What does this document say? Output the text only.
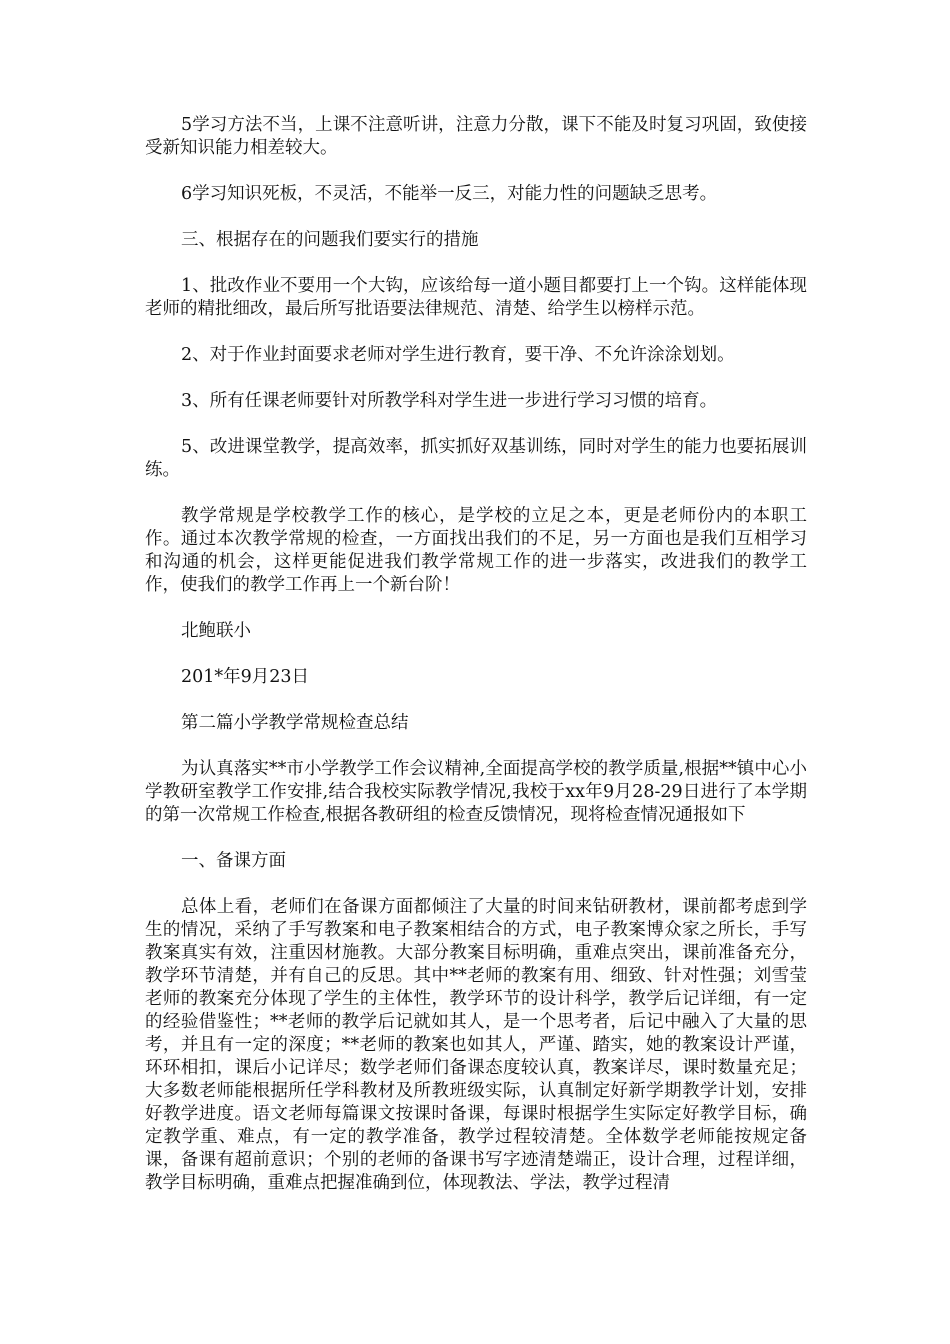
5学习方法不当，上课不注意听讲，注意力分散，课下不能及时复习巩固，致使接受新知识能力相差较大。

6学习知识死板，不灵活，不能举一反三，对能力性的问题缺乏思考。

三、根据存在的问题我们要实行的措施

1、批改作业不要用一个大钩，应该给每一道小题目都要打上一个钩。这样能体现老师的精批细改，最后所写批语要法律规范、清楚、给学生以榜样示范。

2、对于作业封面要求老师对学生进行教育，要干净、不允许涂涂划划。

3、所有任课老师要针对所教学科对学生进一步进行学习习惯的培育。

5、改进课堂教学，提高效率，抓实抓好双基训练，同时对学生的能力也要拓展训练。

教学常规是学校教学工作的核心，是学校的立足之本，更是老师份内的本职工作。通过本次教学常规的检查，一方面找出我们的不足，另一方面也是我们互相学习和沟通的机会，这样更能促进我们教学常规工作的进一步落实，改进我们的教学工作，使我们的教学工作再上一个新台阶！

北鲍联小

201*年9月23日

第二篇小学教学常规检查总结

为认真落实**市小学教学工作会议精神,全面提高学校的教学质量,根据**镇中心小学教研室教学工作安排,结合我校实际教学情况,我校于xx年9月28-29日进行了本学期的第一次常规工作检查,根据各教研组的检查反馈情况，现将检查情况通报如下

一、备课方面

总体上看，老师们在备课方面都倾注了大量的时间来钻研教材，课前都考虑到学生的情况，采纳了手写教案和电子教案相结合的方式，电子教案博众家之所长，手写教案真实有效，注重因材施教。大部分教案目标明确，重难点突出，课前准备充分，教学环节清楚，并有自己的反思。其中**老师的教案有用、细致、针对性强；刘雪莹老师的教案充分体现了学生的主体性，教学环节的设计科学，教学后记详细，有一定的经验借鉴性；**老师的教学后记就如其人，是一个思考者，后记中融入了大量的思考，并且有一定的深度；**老师的教案也如其人，严谨、踏实，她的教案设计严谨，环环相扣，课后小记详尽；数学老师们备课态度较认真，教案详尽，课时数量充足；大多数老师能根据所任学科教材及所教班级实际，认真制定好新学期教学计划，安排好教学进度。语文老师每篇课文按课时备课，每课时根据学生实际定好教学目标，确定教学重、难点，有一定的教学准备，教学过程较清楚。全体数学老师能按规定备课，备课有超前意识；个别的老师的备课书写字迹清楚端正，设计合理，过程详细，教学目标明确，重难点把握准确到位，体现教法、学法，教学过程清
